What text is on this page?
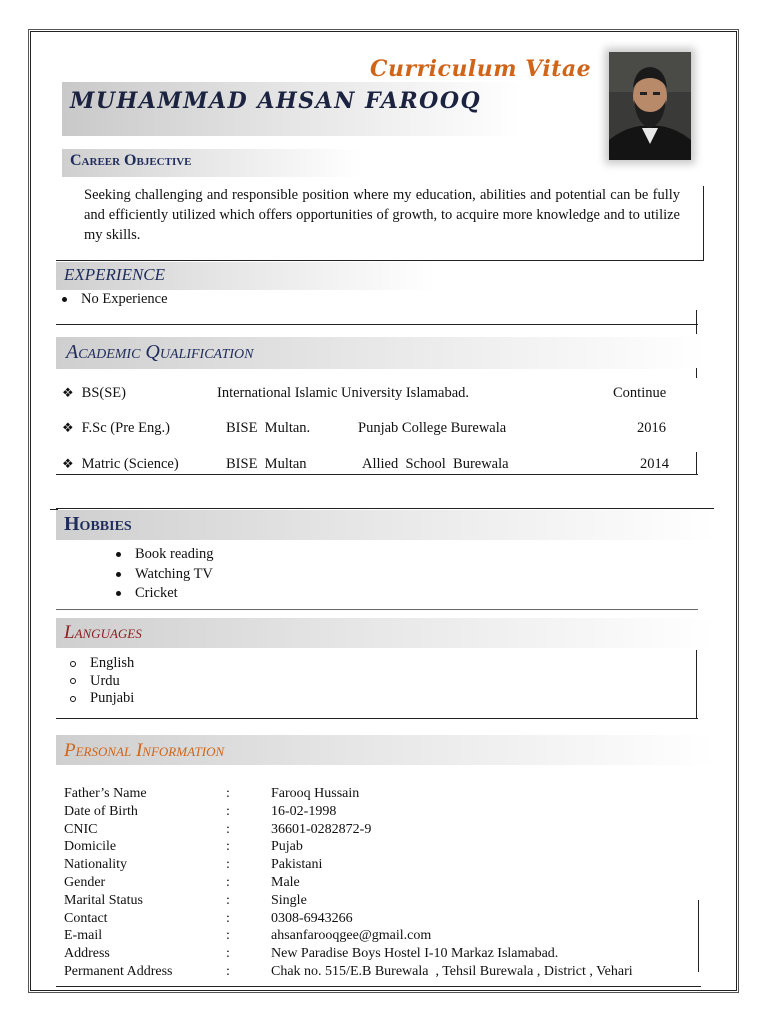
Curriculum Vitae
MUHAMMAD AHSAN FAROOQ
Career Objective
Seeking challenging and responsible position where my education, abilities and potential can be fully and efficiently utilized which offers opportunities of growth, to acquire more knowledge and to utilize my skills.
EXPERIENCE
No Experience
Academic Qualification
❖ BS(SE)	International Islamic University Islamabad.	Continue
❖ F.Sc (Pre Eng.)	BISE  Multan.	Punjab College Burewala	2016
❖ Matric (Science)	BISE  Multan	Allied  School  Burewala	2014
Hobbies
Book reading
Watching TV
Cricket
Languages
English
Urdu
Punjabi
Personal Information
Father’s Name	:	Farooq Hussain
Date of Birth	:	16-02-1998
CNIC	:	36601-0282872-9
Domicile	:	Pujab
Nationality	:	Pakistani
Gender	:	Male
Marital Status	:	Single
Contact	:	0308-6943266
E-mail	:	ahsanfarooqgee@gmail.com
Address	:	New Paradise Boys Hostel I-10 Markaz Islamabad.
Permanent Address	:	Chak no. 515/E.B Burewala  , Tehsil Burewala , District , Vehari
